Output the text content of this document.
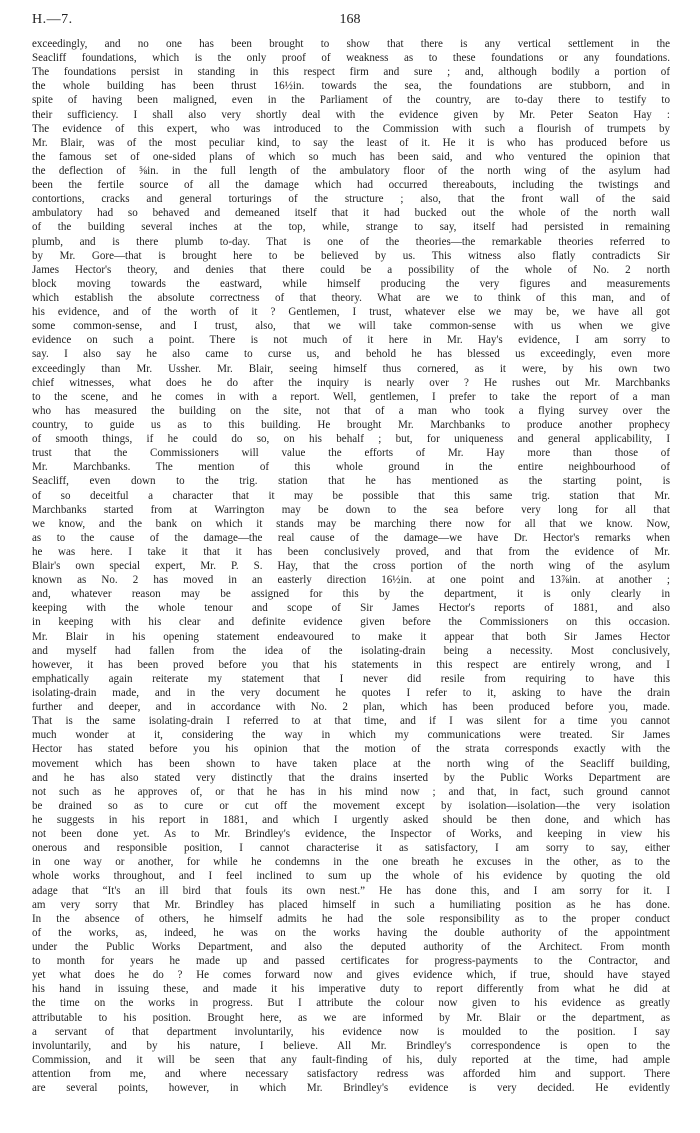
H.—7.	168
exceedingly, and no one has been brought to show that there is any vertical settlement in the
Seacliff foundations, which is the only proof of weakness as to these foundations or any foundations.
The foundations persist in standing in this respect firm and sure ; and, although bodily a portion of
the whole building has been thrust 16½in. towards the sea, the foundations are stubborn, and in
spite of having been maligned, even in the Parliament of the country, are to-day there to testify to
their sufficiency. I shall also very shortly deal with the evidence given by Mr. Peter Seaton Hay :
The evidence of this expert, who was introduced to the Commission with such a flourish of trumpets by
Mr. Blair, was of the most peculiar kind, to say the least of it. He it is who has produced before us
the famous set of one-sided plans of which so much has been said, and who ventured the opinion that
the deflection of ⅝in. in the full length of the ambulatory floor of the north wing of the asylum had
been the fertile source of all the damage which had occurred thereabouts, including the twistings and
contortions, cracks and general torturings of the structure ; also, that the front wall of the said
ambulatory had so behaved and demeaned itself that it had bucked out the whole of the north wall
of the building several inches at the top, while, strange to say, itself had persisted in remaining
plumb, and is there plumb to-day. That is one of the theories—the remarkable theories referred to
by Mr. Gore—that is brought here to be believed by us. This witness also flatly contradicts Sir
James Hector's theory, and denies that there could be a possibility of the whole of No. 2 north
block moving towards the eastward, while himself producing the very figures and measurements
which establish the absolute correctness of that theory. What are we to think of this man, and of
his evidence, and of the worth of it ? Gentlemen, I trust, whatever else we may be, we have all got
some common-sense, and I trust, also, that we will take common-sense with us when we give
evidence on such a point. There is not much of it here in Mr. Hay's evidence, I am sorry to
say. I also say he also came to curse us, and behold he has blessed us exceedingly, even more
exceedingly than Mr. Ussher. Mr. Blair, seeing himself thus cornered, as it were, by his own two
chief witnesses, what does he do after the inquiry is nearly over ? He rushes out Mr. Marchbanks
to the scene, and he comes in with a report. Well, gentlemen, I prefer to take the report of a man
who has measured the building on the site, not that of a man who took a flying survey over the
country, to guide us as to this building. He brought Mr. Marchbanks to produce another prophecy
of smooth things, if he could do so, on his behalf ; but, for uniqueness and general applicability, I
trust that the Commissioners will value the efforts of Mr. Hay more than those of
Mr. Marchbanks. The mention of this whole ground in the entire neighbourhood of
Seacliff, even down to the trig. station that he has mentioned as the starting point, is
of so deceitful a character that it may be possible that this same trig. station that Mr.
Marchbanks started from at Warrington may be down to the sea before very long for all that
we know, and the bank on which it stands may be marching there now for all that we know. Now,
as to the cause of the damage—the real cause of the damage—we have Dr. Hector's remarks when
he was here. I take it that it has been conclusively proved, and that from the evidence of Mr.
Blair's own special expert, Mr. P. S. Hay, that the cross portion of the north wing of the asylum
known as No. 2 has moved in an easterly direction 16½in. at one point and 13⅞in. at another ;
and, whatever reason may be assigned for this by the department, it is only clearly in
keeping with the whole tenour and scope of Sir James Hector's reports of 1881, and also
in keeping with his clear and definite evidence given before the Commissioners on this occasion.
Mr. Blair in his opening statement endeavoured to make it appear that both Sir James Hector
and myself had fallen from the idea of the isolating-drain being a necessity. Most conclusively,
however, it has been proved before you that his statements in this respect are entirely wrong, and I
emphatically again reiterate my statement that I never did resile from requiring to have this
isolating-drain made, and in the very document he quotes I refer to it, asking to have the drain
further and deeper, and in accordance with No. 2 plan, which has been produced before you, made.
That is the same isolating-drain I referred to at that time, and if I was silent for a time you cannot
much wonder at it, considering the way in which my communications were treated. Sir James
Hector has stated before you his opinion that the motion of the strata corresponds exactly with the
movement which has been shown to have taken place at the north wing of the Seacliff building,
and he has also stated very distinctly that the drains inserted by the Public Works Department are
not such as he approves of, or that he has in his mind now ; and that, in fact, such ground cannot
be drained so as to cure or cut off the movement except by isolation—isolation—the very isolation
he suggests in his report in 1881, and which I urgently asked should be then done, and which has
not been done yet. As to Mr. Brindley's evidence, the Inspector of Works, and keeping in view his
onerous and responsible position, I cannot characterise it as satisfactory, I am sorry to say, either
in one way or another, for while he condemns in the one breath he excuses in the other, as to the
whole works throughout, and I feel inclined to sum up the whole of his evidence by quoting the old
adage that “It's an ill bird that fouls its own nest.” He has done this, and I am sorry for it. I
am very sorry that Mr. Brindley has placed himself in such a humiliating position as he has done.
In the absence of others, he himself admits he had the sole responsibility as to the proper conduct
of the works, as, indeed, he was on the works having the double authority of the appointment
under the Public Works Department, and also the deputed authority of the Architect. From month
to month for years he made up and passed certificates for progress-payments to the Contractor, and
yet what does he do ? He comes forward now and gives evidence which, if true, should have stayed
his hand in issuing these, and made it his imperative duty to report differently from what he did at
the time on the works in progress. But I attribute the colour now given to his evidence as greatly
attributable to his position. Brought here, as we are informed by Mr. Blair or the department, as
a servant of that department involuntarily, his evidence now is moulded to the position. I say
involuntarily, and by his nature, I believe. All Mr. Brindley's correspondence is open to the
Commission, and it will be seen that any fault-finding of his, duly reported at the time, had ample
attention from me, and where necessary satisfactory redress was afforded him and support. There
are several points, however, in which Mr. Brindley's evidence is very decided. He evidently
